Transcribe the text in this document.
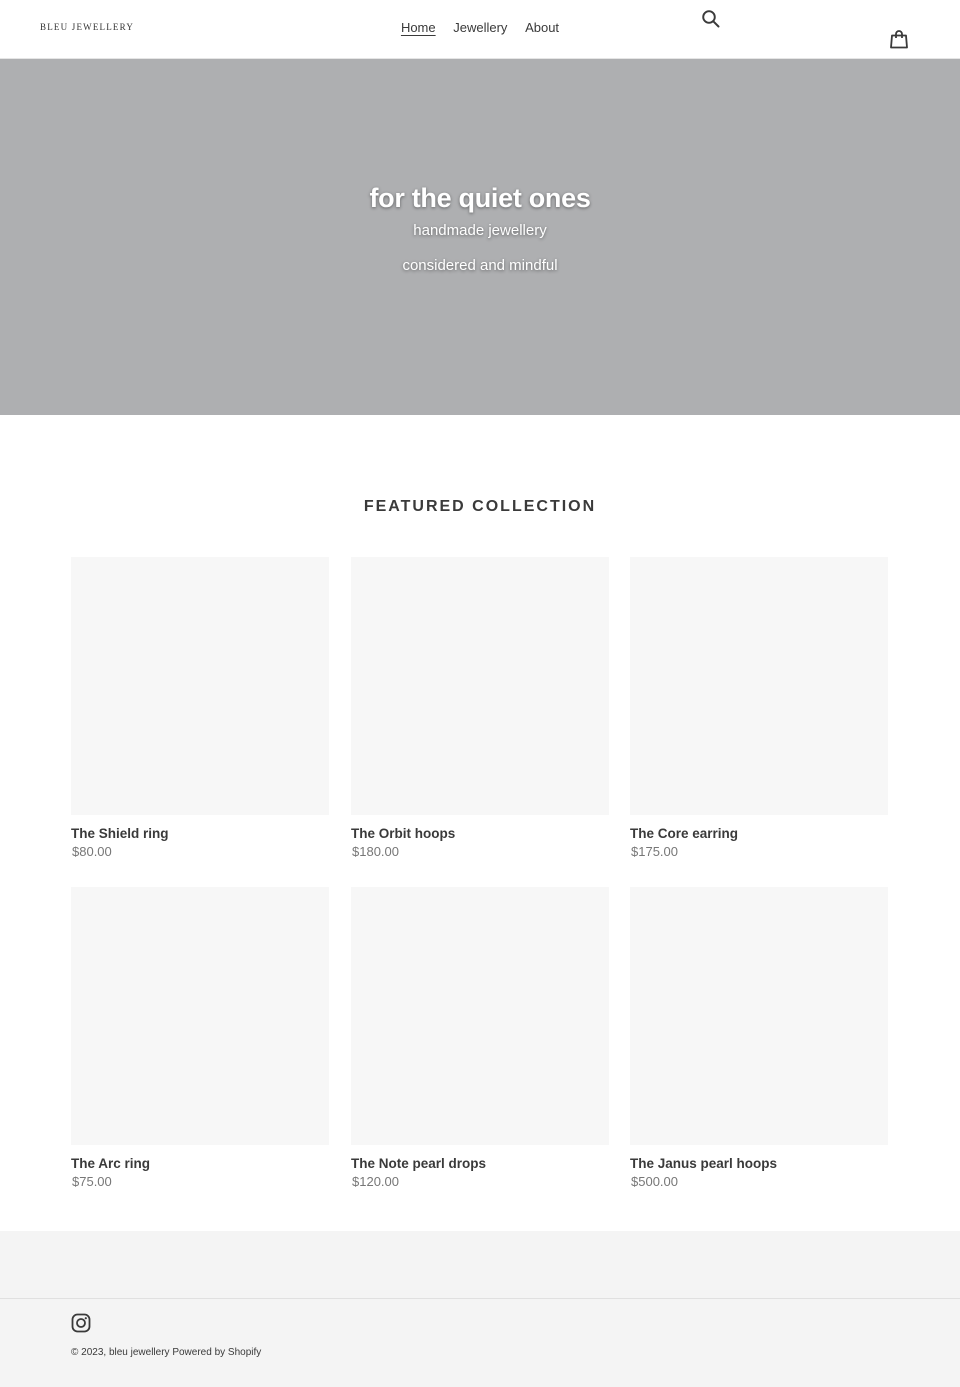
BLEU JEWELLERY	Home Jewellery About
for the quiet ones
handmade jewellery
considered and mindful
FEATURED COLLECTION
The Shield ring
$80.00
The Orbit hoops
$180.00
The Core earring
$175.00
The Arc ring
$75.00
The Note pearl drops
$120.00
The Janus pearl hoops
$500.00
© 2023, bleu jewellery Powered by Shopify
